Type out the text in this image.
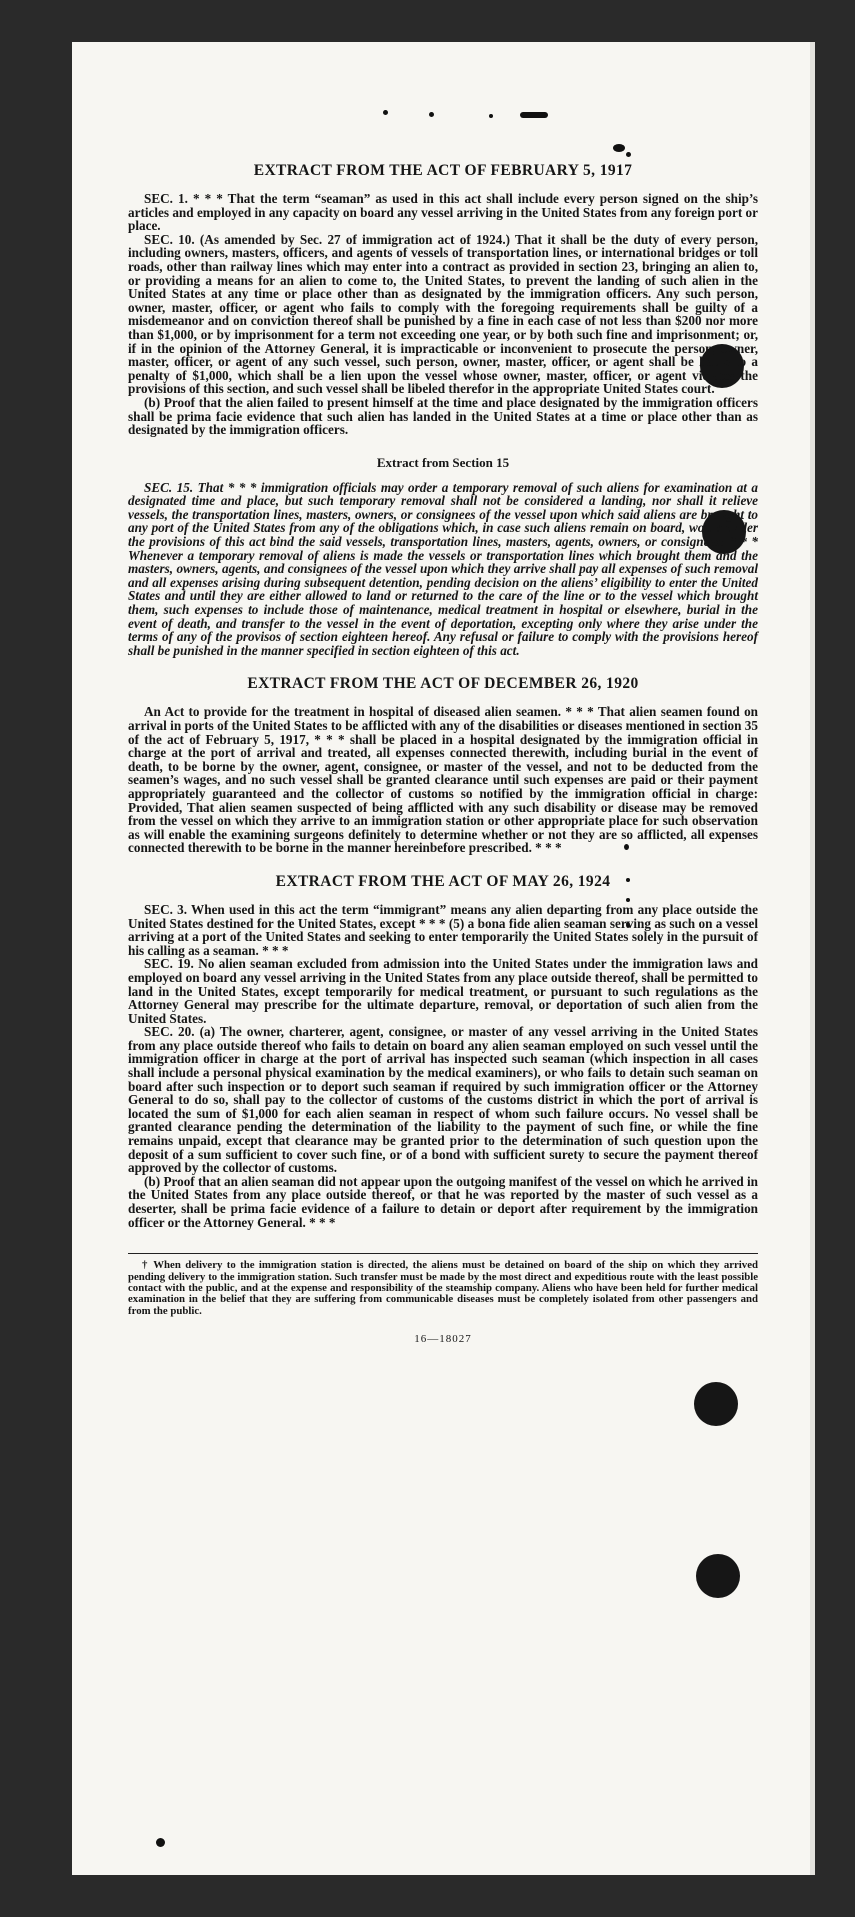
EXTRACT FROM THE ACT OF FEBRUARY 5, 1917

SEC. 1. * * * That the term “seaman” as used in this act shall include every person signed on the ship’s articles and employed in any capacity on board any vessel arriving in the United States from any foreign port or place.

SEC. 10. (As amended by Sec. 27 of immigration act of 1924.) That it shall be the duty of every person, including owners, masters, officers, and agents of vessels of transportation lines, or international bridges or toll roads, other than railway lines which may enter into a contract as provided in section 23, bringing an alien to, or providing a means for an alien to come to, the United States, to prevent the landing of such alien in the United States at any time or place other than as designated by the immigration officers. Any such person, owner, master, officer, or agent who fails to comply with the foregoing requirements shall be guilty of a misdemeanor and on conviction thereof shall be punished by a fine in each case of not less than $200 nor more than $1,000, or by imprisonment for a term not exceeding one year, or by both such fine and imprisonment; or, if in the opinion of the Attorney General, it is impracticable or inconvenient to prosecute the person, owner, master, officer, or agent of any such vessel, such person, owner, master, officer, or agent shall be liable to a penalty of $1,000, which shall be a lien upon the vessel whose owner, master, officer, or agent violates the provisions of this section, and such vessel shall be libeled therefor in the appropriate United States court.

(b) Proof that the alien failed to present himself at the time and place designated by the immigration officers shall be prima facie evidence that such alien has landed in the United States at a time or place other than as designated by the immigration officers.

Extract from Section 15

SEC. 15. That * * * immigration officials may order a temporary removal of such aliens for examination at a designated time and place, but such temporary removal shall not be considered a landing, nor shall it relieve vessels, the transportation lines, masters, owners, or consignees of the vessel upon which said aliens are brought to any port of the United States from any of the obligations which, in case such aliens remain on board, would under the provisions of this act bind the said vessels, transportation lines, masters, agents, owners, or consignees: * * * Whenever a temporary removal of aliens is made the vessels or transportation lines which brought them and the masters, owners, agents, and consignees of the vessel upon which they arrive shall pay all expenses of such removal and all expenses arising during subsequent detention, pending decision on the aliens’ eligibility to enter the United States and until they are either allowed to land or returned to the care of the line or to the vessel which brought them, such expenses to include those of maintenance, medical treatment in hospital or elsewhere, burial in the event of death, and transfer to the vessel in the event of deportation, excepting only where they arise under the terms of any of the provisos of section eighteen hereof. Any refusal or failure to comply with the provisions hereof shall be punished in the manner specified in section eighteen of this act.

EXTRACT FROM THE ACT OF DECEMBER 26, 1920

An Act to provide for the treatment in hospital of diseased alien seamen. * * * That alien seamen found on arrival in ports of the United States to be afflicted with any of the disabilities or diseases mentioned in section 35 of the act of February 5, 1917, * * * shall be placed in a hospital designated by the immigration official in charge at the port of arrival and treated, all expenses connected therewith, including burial in the event of death, to be borne by the owner, agent, consignee, or master of the vessel, and not to be deducted from the seamen’s wages, and no such vessel shall be granted clearance until such expenses are paid or their payment appropriately guaranteed and the collector of customs so notified by the immigration official in charge: Provided, That alien seamen suspected of being afflicted with any such disability or disease may be removed from the vessel on which they arrive to an immigration station or other appropriate place for such observation as will enable the examining surgeons definitely to determine whether or not they are so afflicted, all expenses connected therewith to be borne in the manner hereinbefore prescribed. * * *

EXTRACT FROM THE ACT OF MAY 26, 1924

SEC. 3. When used in this act the term “immigrant” means any alien departing from any place outside the United States destined for the United States, except * * * (5) a bona fide alien seaman serving as such on a vessel arriving at a port of the United States and seeking to enter temporarily the United States solely in the pursuit of his calling as a seaman. * * *

SEC. 19. No alien seaman excluded from admission into the United States under the immigration laws and employed on board any vessel arriving in the United States from any place outside thereof, shall be permitted to land in the United States, except temporarily for medical treatment, or pursuant to such regulations as the Attorney General may prescribe for the ultimate departure, removal, or deportation of such alien from the United States.

SEC. 20. (a) The owner, charterer, agent, consignee, or master of any vessel arriving in the United States from any place outside thereof who fails to detain on board any alien seaman employed on such vessel until the immigration officer in charge at the port of arrival has inspected such seaman (which inspection in all cases shall include a personal physical examination by the medical examiners), or who fails to detain such seaman on board after such inspection or to deport such seaman if required by such immigration officer or the Attorney General to do so, shall pay to the collector of customs of the customs district in which the port of arrival is located the sum of $1,000 for each alien seaman in respect of whom such failure occurs. No vessel shall be granted clearance pending the determination of the liability to the payment of such fine, or while the fine remains unpaid, except that clearance may be granted prior to the determination of such question upon the deposit of a sum sufficient to cover such fine, or of a bond with sufficient surety to secure the payment thereof approved by the collector of customs.

(b) Proof that an alien seaman did not appear upon the outgoing manifest of the vessel on which he arrived in the United States from any place outside thereof, or that he was reported by the master of such vessel as a deserter, shall be prima facie evidence of a failure to detain or deport after requirement by the immigration officer or the Attorney General. * * *

† When delivery to the immigration station is directed, the aliens must be detained on board of the ship on which they arrived pending delivery to the immigration station. Such transfer must be made by the most direct and expeditious route with the least possible contact with the public, and at the expense and responsibility of the steamship company. Aliens who have been held for further medical examination in the belief that they are suffering from communicable diseases must be completely isolated from other passengers and from the public.

16—18027
